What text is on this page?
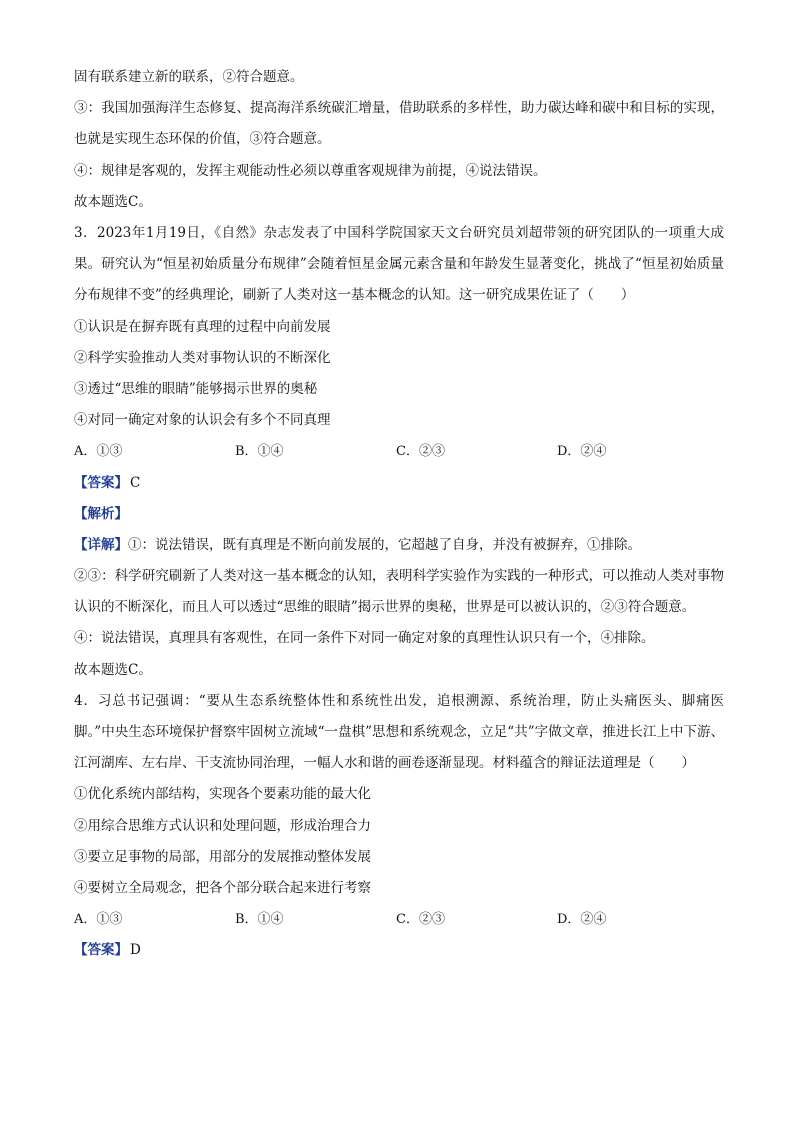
固有联系建立新的联系，②符合题意。
③：我国加强海洋生态修复、提高海洋系统碳汇增量，借助联系的多样性，助力碳达峰和碳中和目标的实现，也就是实现生态环保的价值，③符合题意。
④：规律是客观的，发挥主观能动性必须以尊重客观规律为前提，④说法错误。
故本题选C。
3．2023年1月19日，《自然》杂志发表了中国科学院国家天文台研究员刘超带领的研究团队的一项重大成果。研究认为“恒星初始质量分布规律”会随着恒星金属元素含量和年龄发生显著变化，挑战了“恒星初始质量分布规律不变”的经典理论，刷新了人类对这一基本概念的认知。这一研究成果佐证了（　　）
①认识是在摒弃既有真理的过程中向前发展
②科学实验推动人类对事物认识的不断深化
③透过“思维的眼睛”能够揭示世界的奥秘
④对同一确定对象的认识会有多个不同真理
A．①③	B．①④	C．②③	D．②④
【答案】 C
【解析】
【详解】①：说法错误，既有真理是不断向前发展的，它超越了自身，并没有被摒弃，①排除。
②③：科学研究刷新了人类对这一基本概念的认知，表明科学实验作为实践的一种形式，可以推动人类对事物认识的不断深化，而且人可以透过“思维的眼睛”揭示世界的奥秘，世界是可以被认识的，②③符合题意。
④：说法错误，真理具有客观性，在同一条件下对同一确定对象的真理性认识只有一个，④排除。
故本题选C。
4．习总书记强调：“要从生态系统整体性和系统性出发，追根溯源、系统治理，防止头痛医头、脚痛医脚。”中央生态环境保护督察牢固树立流域“一盘棋”思想和系统观念，立足“共”字做文章，推进长江上中下游、江河湖库、左右岸、干支流协同治理，一幅人水和谐的画卷逐渐显现。材料蕴含的辩证法道理是（　　）
①优化系统内部结构，实现各个要素功能的最大化
②用综合思维方式认识和处理问题，形成治理合力
③要立足事物的局部，用部分的发展推动整体发展
④要树立全局观念，把各个部分联合起来进行考察
A．①③	B．①④	C．②③	D．②④
【答案】 D
